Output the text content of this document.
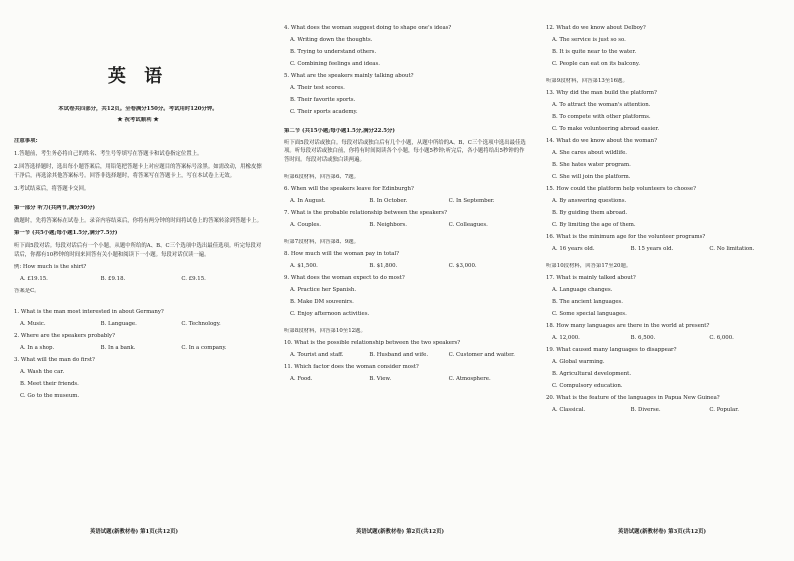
英 语
本试卷共四部分，共12页。全卷满分150分。考试用时120分钟。
★ 祝考试顺利 ★
注意事项:
1.答题前，考生务必将自己的姓名、考生号等填写在答题卡和试卷指定位置上。
2.回答选择题时，选出每小题答案后，用铅笔把答题卡上对应题目的答案标号涂黑。如需改动，用橡皮擦干净后，再选涂其他答案标号。回答非选择题时，将答案写在答题卡上，写在本试卷上无效。
3.考试结束后，将答题卡交回。
第一部分 听力(共两节,满分30分)
做题时，先将答案标在试卷上。录音内容结束后，你将有两分钟的时间将试卷上的答案转涂到答题卡上。
第一节 (共5小题;每小题1.5分,满分7.5分)
听下面5段对话。每段对话后有一个小题，从题中所给的A、B、C三个选项中选出最佳选项。听完每段对话后，你都有10秒钟的时间来回答有关小题和阅读下一小题。每段对话仅读一遍。
例: How much is the shirt?
A. £19.15.	B. £9.18.	C. £9.15.
答案是C。
1. What is the man most interested in about Germany?
A. Music.	B. Language.	C. Technology.
2. Where are the speakers probably?
A. In a shop.	B. In a bank.	C. In a company.
3. What will the man do first?
A. Wash the car.
B. Meet their friends.
C. Go to the museum.
英语试题(新教材卷) 第1页(共12页)
4. What does the woman suggest doing to shape one's ideas?
A. Writing down the thoughts.
B. Trying to understand others.
C. Combining feelings and ideas.
5. What are the speakers mainly talking about?
A. Their test scores.
B. Their favorite sports.
C. Their sports academy.
第二节 (共15小题;每小题1.5分,满分22.5分)
听下面5段对话或独白。每段对话或独白后有几个小题，从题中所给的A、B、C三个选项中选出最佳选项。听每段对话或独白前，你将有时间阅读各个小题，每小题5秒钟;听完后，各小题将给出5秒钟的作答时间。每段对话或独白读两遍。
听第6段材料，回答第6、7题。
6. When will the speakers leave for Edinburgh?
A. In August.	B. In October.	C. In September.
7. What is the probable relationship between the speakers?
A. Couples.	B. Neighbors.	C. Colleagues.
听第7段材料，回答第8、9题。
8. How much will the woman pay in total?
A. $1,500.	B. $1,800.	C. $3,000.
9. What does the woman expect to do most?
A. Practice her Spanish.
B. Make DM souvenirs.
C. Enjoy afternoon activities.
听第8段材料，回答第10至12题。
10. What is the possible relationship between the two speakers?
A. Tourist and staff.	B. Husband and wife.	C. Customer and waiter.
11. Which factor does the woman consider most?
A. Food.	B. View.	C. Atmosphere.
英语试题(新教材卷) 第2页(共12页)
12. What do we know about Delboy?
A. The service is just so so.
B. It is quite near to the water.
C. People can eat on its balcony.
听第9段材料，回答第13至16题。
13. Why did the man build the platform?
A. To attract the woman's attention.
B. To compete with other platforms.
C. To make volunteering abroad easier.
14. What do we know about the woman?
A. She cares about wildlife.
B. She hates water program.
C. She will join the platform.
15. How could the platform help volunteers to choose?
A. By answering questions.
B. By guiding them abroad.
C. By limiting the age of them.
16. What is the minimum age for the volunteer programs?
A. 16 years old.	B. 15 years old.	C. No limitation.
听第10段材料，回答第17至20题。
17. What is mainly talked about?
A. Language changes.
B. The ancient languages.
C. Some special languages.
18. How many languages are there in the world at present?
A. 12,000.	B. 6,500.	C. 6,000.
19. What caused many languages to disappear?
A. Global warming.
B. Agricultural development.
C. Compulsory education.
20. What is the feature of the languages in Papua New Guinea?
A. Classical.	B. Diverse.	C. Popular.
英语试题(新教材卷) 第3页(共12页)
